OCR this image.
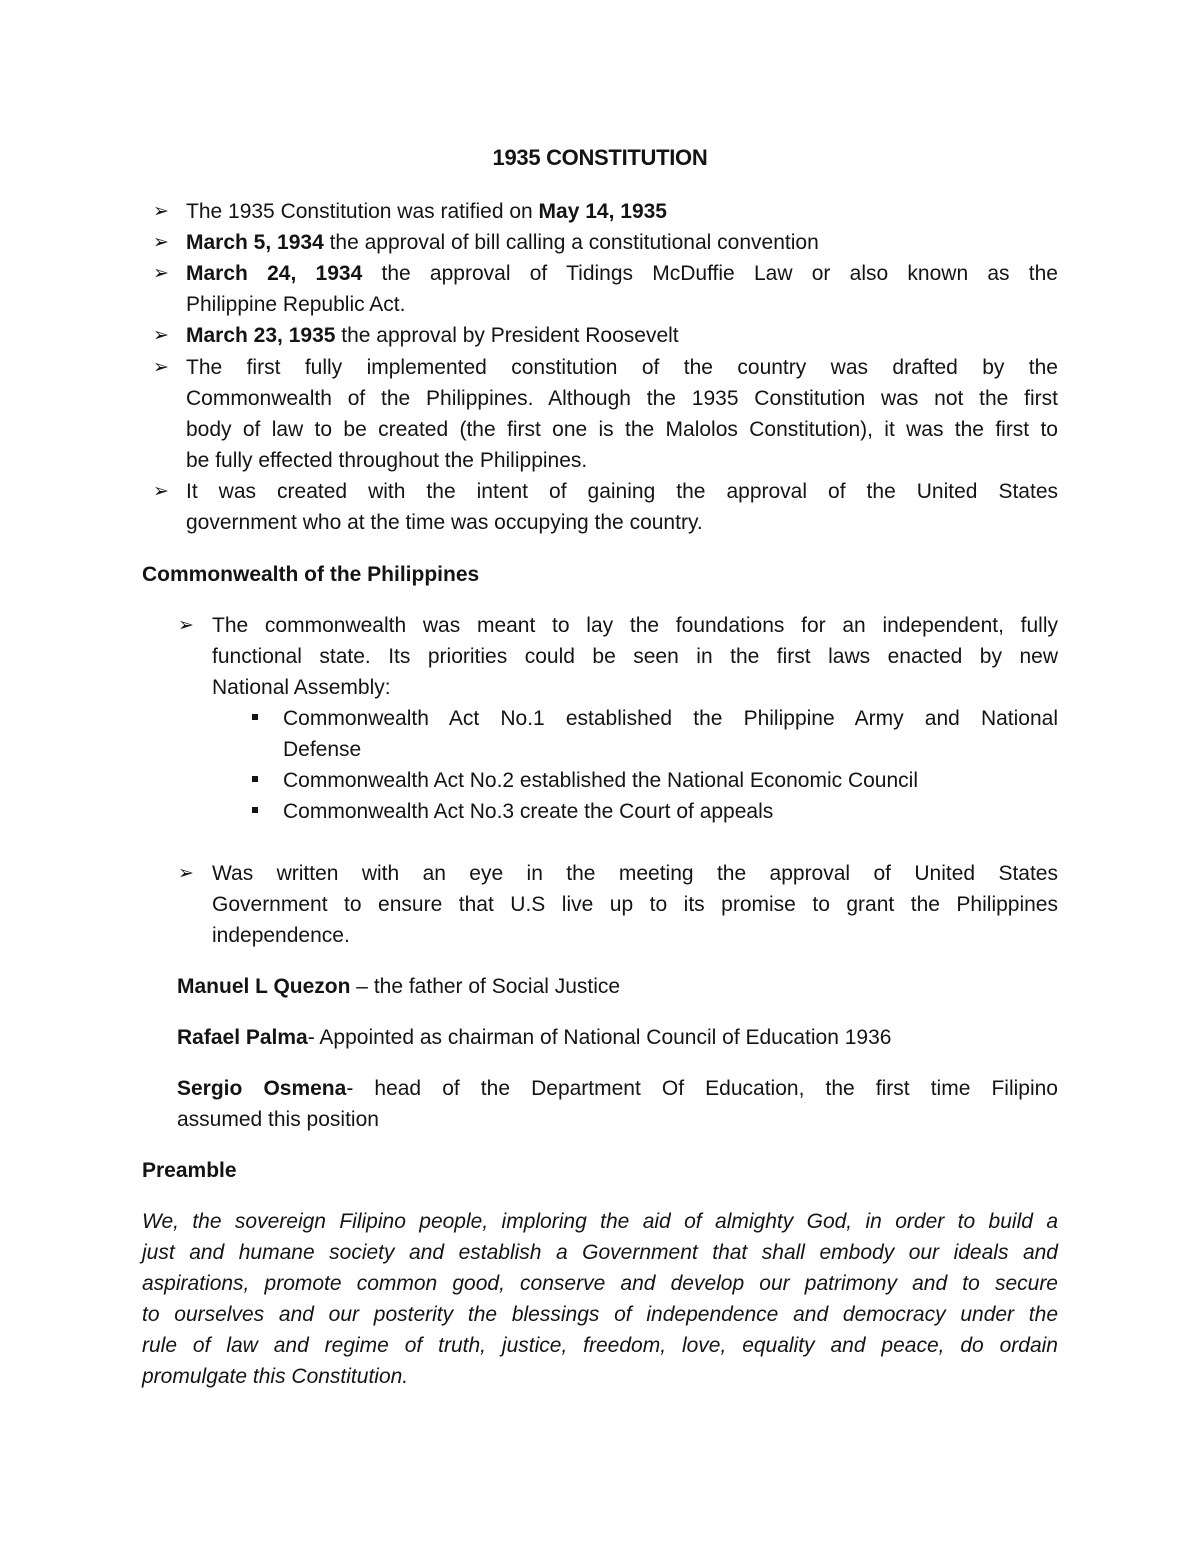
1935 CONSTITUTION
➢ The 1935 Constitution was ratified on May 14, 1935
➢ March 5, 1934 the approval of bill calling a constitutional convention
➢ March 24, 1934 the approval of Tidings McDuffie Law or also known as the
Philippine Republic Act.
➢ March 23, 1935 the approval by President Roosevelt
➢ The first fully implemented constitution of the country was drafted by the
Commonwealth of the Philippines. Although the 1935 Constitution was not the first
body of law to be created (the first one is the Malolos Constitution), it was the first to
be fully effected throughout the Philippines.
➢ It was created with the intent of gaining the approval of the United States
government who at the time was occupying the country.
Commonwealth of the Philippines
➢ The commonwealth was meant to lay the foundations for an independent, fully
functional state. Its priorities could be seen in the first laws enacted by new
National Assembly:
Commonwealth Act No.1 established the Philippine Army and National
Defense
Commonwealth Act No.2 established the National Economic Council
Commonwealth Act No.3 create the Court of appeals
➢ Was written with an eye in the meeting the approval of United States
Government to ensure that U.S live up to its promise to grant the Philippines
independence.
Manuel L Quezon – the father of Social Justice
Rafael Palma- Appointed as chairman of National Council of Education 1936
Sergio Osmena- head of the Department Of Education, the first time Filipino
assumed this position
Preamble
We, the sovereign Filipino people, imploring the aid of almighty God, in order to build a
just and humane society and establish a Government that shall embody our ideals and
aspirations, promote common good, conserve and develop our patrimony and to secure
to ourselves and our posterity the blessings of independence and democracy under the
rule of law and regime of truth, justice, freedom, love, equality and peace, do ordain
promulgate this Constitution.
